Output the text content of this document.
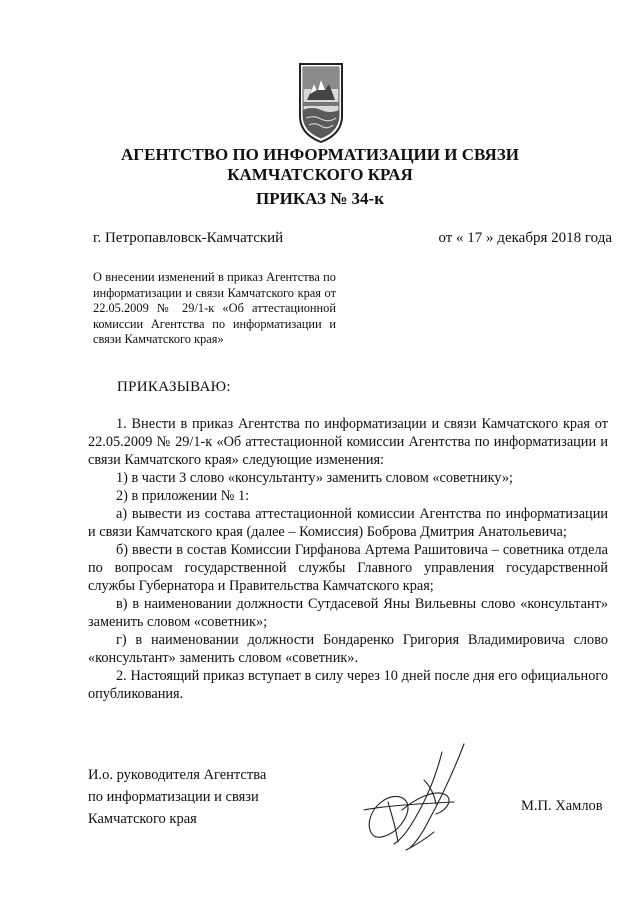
АГЕНТСТВО ПО ИНФОРМАТИЗАЦИИ И СВЯЗИ
КАМЧАТСКОГО КРАЯ
ПРИКАЗ № 34-к
г. Петропавловск-Камчатский	от « 17 » декабря 2018 года

О внесении изменений в приказ Агентства по информатизации и связи Камчатского края от 22.05.2009 № 29/1-к «Об аттестационной комиссии Агентства по информатизации и связи Камчатского края»

ПРИКАЗЫВАЮ:

1. Внести в приказ Агентства по информатизации и связи Камчатского края от 22.05.2009 № 29/1-к «Об аттестационной комиссии Агентства по информатизации и связи Камчатского края» следующие изменения:

1) в части 3 слово «консультанту» заменить словом «советнику»;

2) в приложении № 1:

а) вывести из состава аттестационной комиссии Агентства по информатизации и связи Камчатского края (далее – Комиссия) Боброва Дмитрия Анатольевича;

б) ввести в состав Комиссии Гирфанова Артема Рашитовича – советника отдела по вопросам государственной службы Главного управления государственной службы Губернатора и Правительства Камчатского края;

в) в наименовании должности Сутдасевой Яны Вильевны слово «консультант» заменить словом «советник»;

г) в наименовании должности Бондаренко Григория Владимировича слово «консультант» заменить словом «советник».

2. Настоящий приказ вступает в силу через 10 дней после дня его официального опубликования.

И.о. руководителя Агентства
по информатизации и связи
Камчатского края

М.П. Хамлов
